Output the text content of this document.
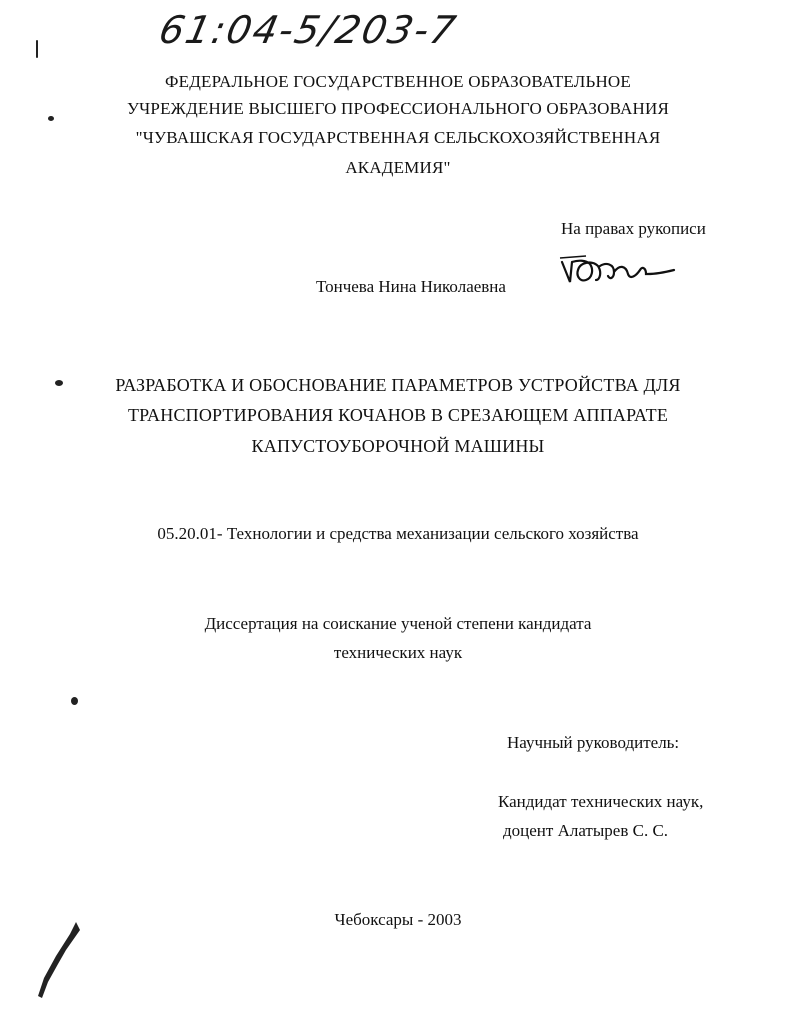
61:04-5/203-7
ФЕДЕРАЛЬНОЕ ГОСУДАРСТВЕННОЕ ОБРАЗОВАТЕЛЬНОЕ
УЧРЕЖДЕНИЕ ВЫСШЕГО ПРОФЕССИОНАЛЬНОГО ОБРАЗОВАНИЯ
"ЧУВАШСКАЯ ГОСУДАРСТВЕННАЯ СЕЛЬСКОХОЗЯЙСТВЕННАЯ
АКАДЕМИЯ"
На правах рукописи
Тончева Нина Николаевна
РАЗРАБОТКА И ОБОСНОВАНИЕ ПАРАМЕТРОВ УСТРОЙСТВА ДЛЯ
ТРАНСПОРТИРОВАНИЯ КОЧАНОВ В СРЕЗАЮЩЕМ АППАРАТЕ
КАПУСТОУБОРОЧНОЙ МАШИНЫ
05.20.01- Технологии и средства механизации сельского хозяйства
Диссертация на соискание ученой степени кандидата
технических наук
Научный руководитель:
Кандидат технических наук,
доцент Алатырев С. С.
Чебоксары - 2003
